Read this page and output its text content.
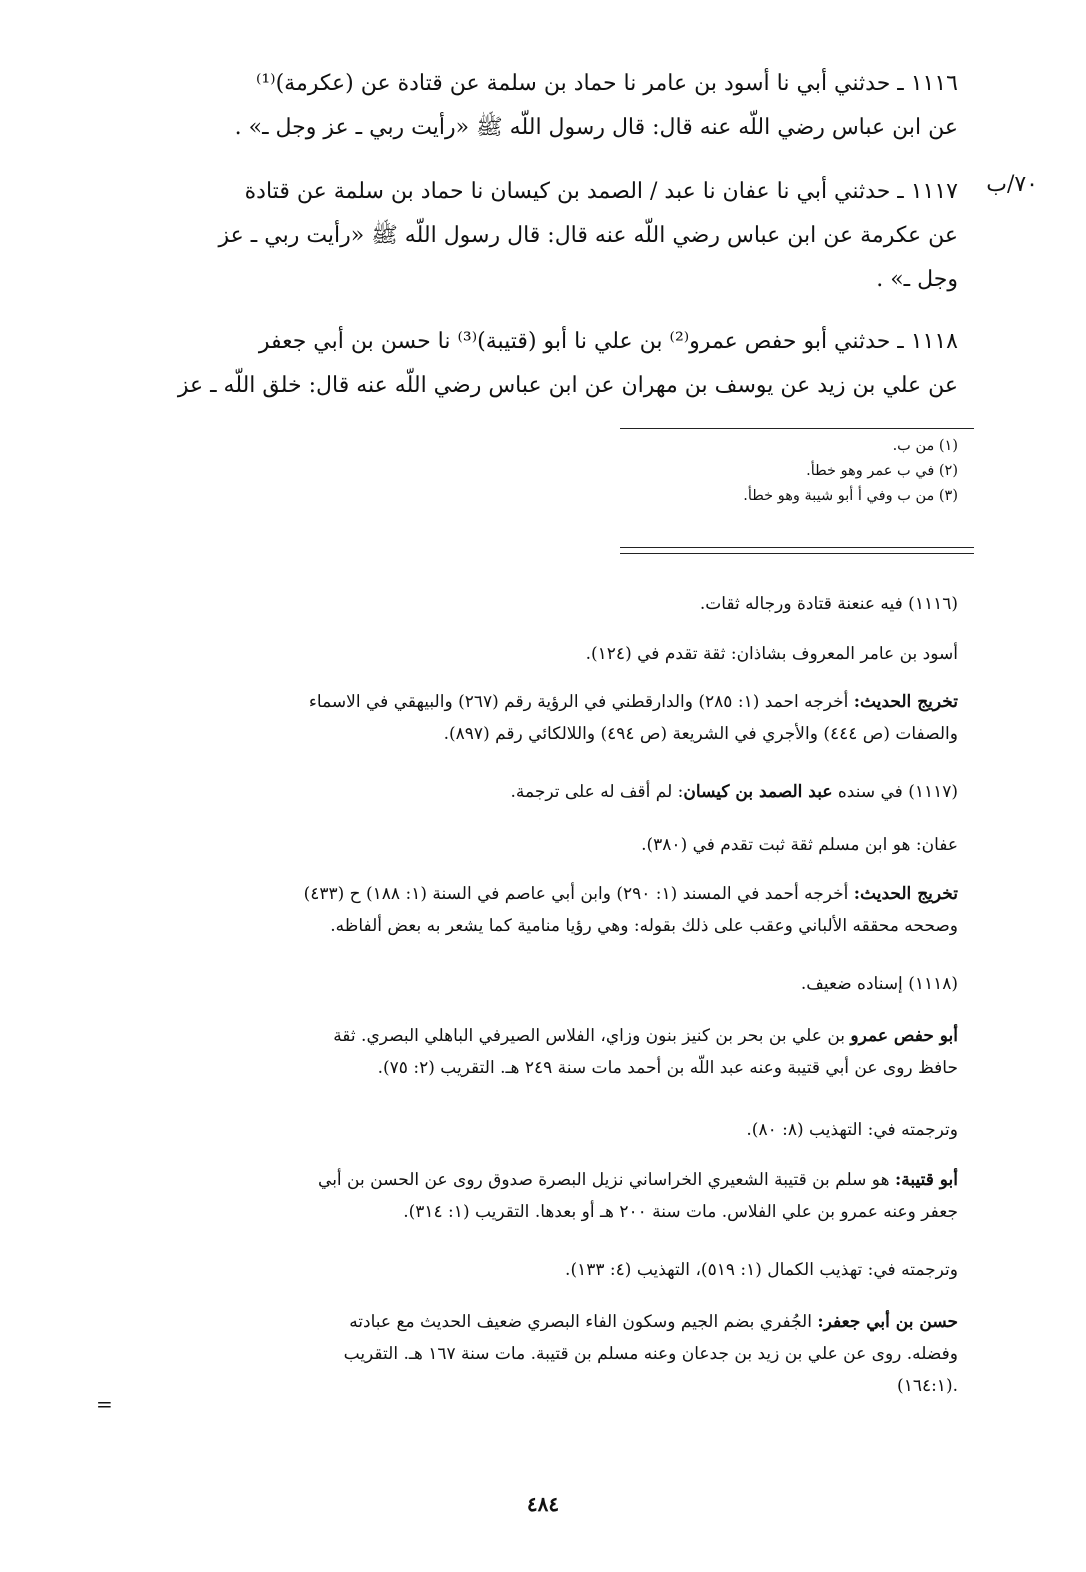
١١١٦ ـ حدثني أبي نا أسود بن عامر نا حماد بن سلمة عن قتادة عن (عكرمة)⁽¹⁾
عن ابن عباس رضي اللّه عنه قال: قال رسول اللّه ﷺ «رأيت ربي ـ عز وجل ـ» .
٧٠/ب
١١١٧ ـ حدثني أبي نا عفان نا عبد / الصمد بن كيسان نا حماد بن سلمة عن قتادة
عن عكرمة عن ابن عباس رضي اللّه عنه قال: قال رسول اللّه ﷺ «رأيت ربي ـ عز
وجل ـ» .
١١١٨ ـ حدثني أبو حفص عمرو⁽²⁾ بن علي نا أبو (قتيبة)⁽³⁾ نا حسن بن أبي جعفر
عن علي بن زيد عن يوسف بن مهران عن ابن عباس رضي اللّه عنه قال: خلق اللّه ـ عز
(١) من ب.
(٢) في ب عمر وهو خطأ.
(٣) من ب وفي أ أبو شيبة وهو خطأ.
(١١١٦) فيه عنعنة قتادة ورجاله ثقات.
أسود بن عامر المعروف بشاذان: ثقة تقدم في (١٢٤).
تخريج الحديث: أخرجه احمد (١: ٢٨٥) والدارقطني في الرؤية رقم (٢٦٧) والبيهقي في الاسماء
والصفات (ص ٤٤٤) والأجري في الشريعة (ص ٤٩٤) واللالكائي رقم (٨٩٧).
(١١١٧) في سنده عبد الصمد بن كيسان: لم أقف له على ترجمة.
عفان: هو ابن مسلم ثقة ثبت تقدم في (٣٨٠).
تخريج الحديث: أخرجه أحمد في المسند (١: ٢٩٠) وابن أبي عاصم في السنة (١: ١٨٨) ح (٤٣٣)
وصححه محققه الألباني وعقب على ذلك بقوله: وهي رؤيا منامية كما يشعر به بعض ألفاظه.
(١١١٨) إسناده ضعيف.
أبو حفص عمرو بن علي بن بحر بن كنيز بنون وزاي، الفلاس الصيرفي الباهلي البصري. ثقة
حافظ روى عن أبي قتيبة وعنه عبد اللّه بن أحمد مات سنة ٢٤٩ هـ. التقريب (٢: ٧٥).
وترجمته في: التهذيب (٨: ٨٠).
أبو قتيبة: هو سلم بن قتيبة الشعيري الخراساني نزيل البصرة صدوق روى عن الحسن بن أبي
جعفر وعنه عمرو بن علي الفلاس. مات سنة ٢٠٠ هـ أو بعدها. التقريب (١: ٣١٤).
وترجمته في: تهذيب الكمال (١: ٥١٩)، التهذيب (٤: ١٣٣).
حسن بن أبي جعفر: الجُفري بضم الجيم وسكون الفاء البصري ضعيف الحديث مع عبادته
وفضله. روى عن علي بن زيد بن جدعان وعنه مسلم بن قتيبة. مات سنة ١٦٧ هـ. التقريب
.(١٦٤:١)
=
٤٨٤
